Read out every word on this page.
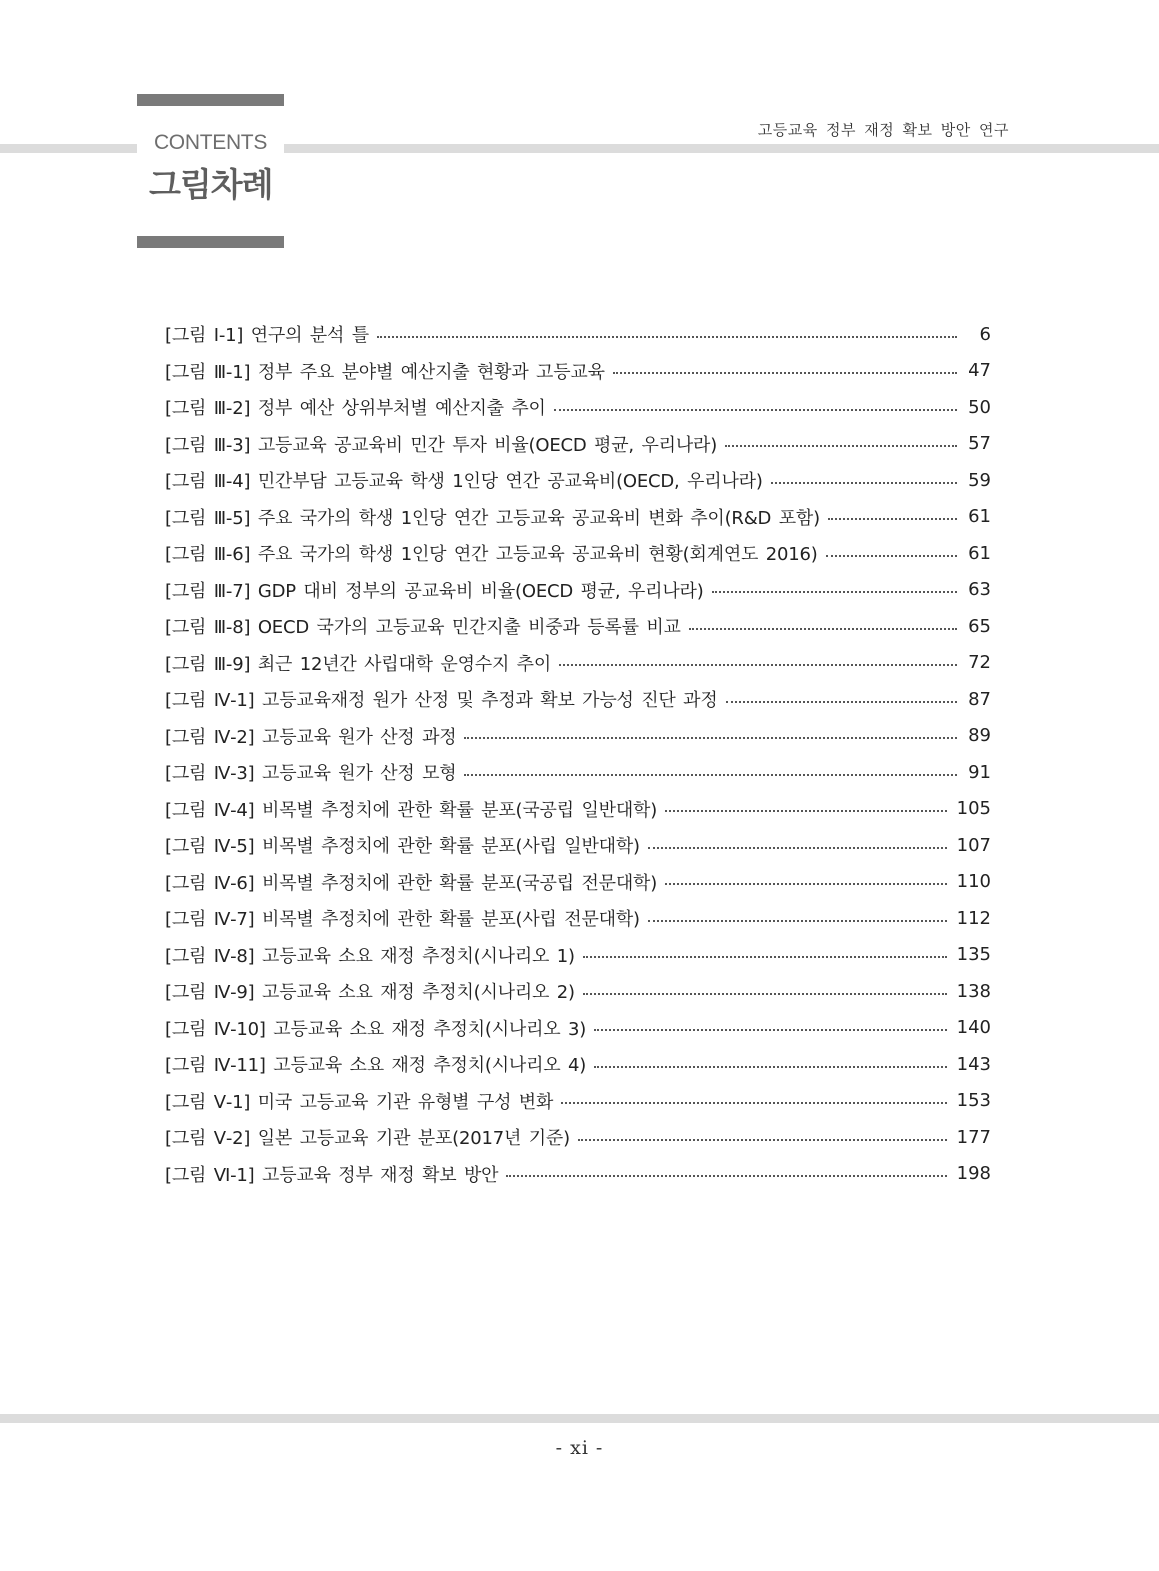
CONTENTS
그림차례
고등교육 정부 재정 확보 방안 연구
[그림 Ⅰ-1] 연구의 분석 틀	6
[그림 Ⅲ-1] 정부 주요 분야별 예산지출 현황과 고등교육	47
[그림 Ⅲ-2] 정부 예산 상위부처별 예산지출 추이	50
[그림 Ⅲ-3] 고등교육 공교육비 민간 투자 비율(OECD 평균, 우리나라)	57
[그림 Ⅲ-4] 민간부담 고등교육 학생 1인당 연간 공교육비(OECD, 우리나라)	59
[그림 Ⅲ-5] 주요 국가의 학생 1인당 연간 고등교육 공교육비 변화 추이(R&D 포함)	61
[그림 Ⅲ-6] 주요 국가의 학생 1인당 연간 고등교육 공교육비 현황(회계연도 2016)	61
[그림 Ⅲ-7] GDP 대비 정부의 공교육비 비율(OECD 평균, 우리나라)	63
[그림 Ⅲ-8] OECD 국가의 고등교육 민간지출 비중과 등록률 비교	65
[그림 Ⅲ-9] 최근 12년간 사립대학 운영수지 추이	72
[그림 Ⅳ-1] 고등교육재정 원가 산정 및 추정과 확보 가능성 진단 과정	87
[그림 Ⅳ-2] 고등교육 원가 산정 과정	89
[그림 Ⅳ-3] 고등교육 원가 산정 모형	91
[그림 Ⅳ-4] 비목별 추정치에 관한 확률 분포(국공립 일반대학)	105
[그림 Ⅳ-5] 비목별 추정치에 관한 확률 분포(사립 일반대학)	107
[그림 Ⅳ-6] 비목별 추정치에 관한 확률 분포(국공립 전문대학)	110
[그림 Ⅳ-7] 비목별 추정치에 관한 확률 분포(사립 전문대학)	112
[그림 Ⅳ-8] 고등교육 소요 재정 추정치(시나리오 1)	135
[그림 Ⅳ-9] 고등교육 소요 재정 추정치(시나리오 2)	138
[그림 Ⅳ-10] 고등교육 소요 재정 추정치(시나리오 3)	140
[그림 Ⅳ-11] 고등교육 소요 재정 추정치(시나리오 4)	143
[그림 Ⅴ-1] 미국 고등교육 기관 유형별 구성 변화	153
[그림 Ⅴ-2] 일본 고등교육 기관 분포(2017년 기준)	177
[그림 Ⅵ-1] 고등교육 정부 재정 확보 방안	198
- xi -
